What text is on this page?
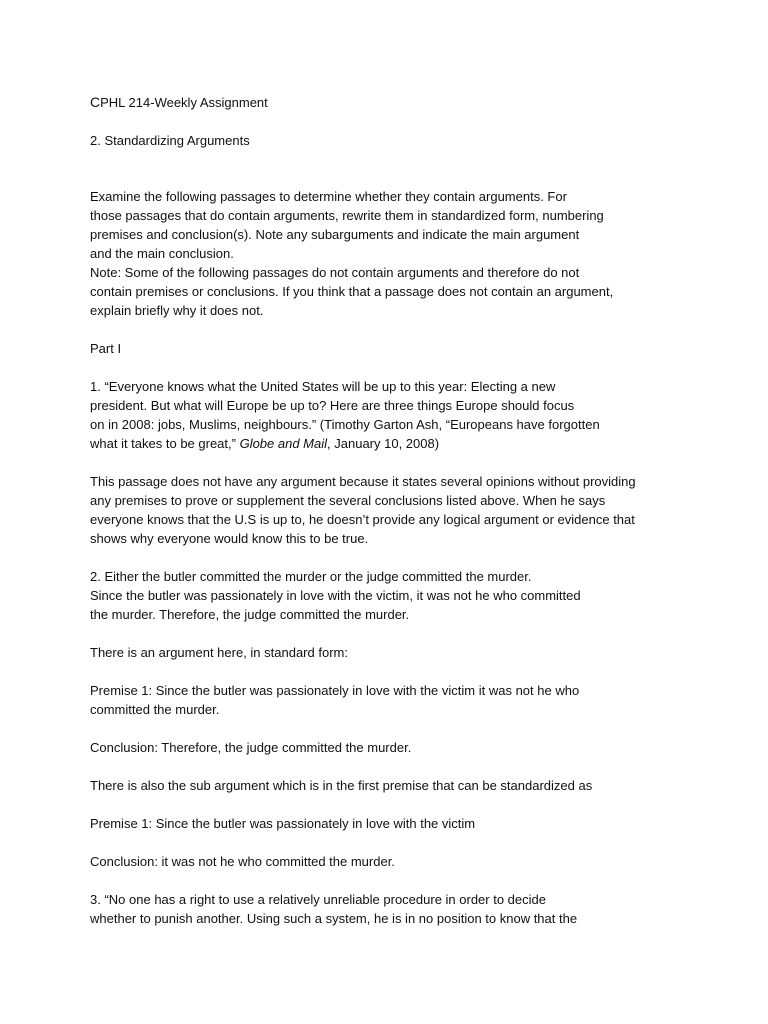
CPHL 214-Weekly Assignment

2. Standardizing Arguments

Examine the following passages to determine whether they contain arguments. For
those passages that do contain arguments, rewrite them in standardized form, numbering
premises and conclusion(s). Note any subarguments and indicate the main argument
and the main conclusion.
Note: Some of the following passages do not contain arguments and therefore do not
contain premises or conclusions. If you think that a passage does not contain an argument,
explain briefly why it does not.

Part I

1. “Everyone knows what the United States will be up to this year: Electing a new
president. But what will Europe be up to? Here are three things Europe should focus
on in 2008: jobs, Muslims, neighbours.” (Timothy Garton Ash, “Europeans have forgotten
what it takes to be great,” Globe and Mail, January 10, 2008)

This passage does not have any argument because it states several opinions without providing
any premises to prove or supplement the several conclusions listed above. When he says
everyone knows that the U.S is up to, he doesn’t provide any logical argument or evidence that
shows why everyone would know this to be true.

2. Either the butler committed the murder or the judge committed the murder.
Since the butler was passionately in love with the victim, it was not he who committed
the murder. Therefore, the judge committed the murder.

There is an argument here, in standard form:

Premise 1: Since the butler was passionately in love with the victim it was not he who
committed the murder.

Conclusion: Therefore, the judge committed the murder.

There is also the sub argument which is in the first premise that can be standardized as

Premise 1: Since the butler was passionately in love with the victim

Conclusion: it was not he who committed the murder.

3. “No one has a right to use a relatively unreliable procedure in order to decide
whether to punish another. Using such a system, he is in no position to know that the
